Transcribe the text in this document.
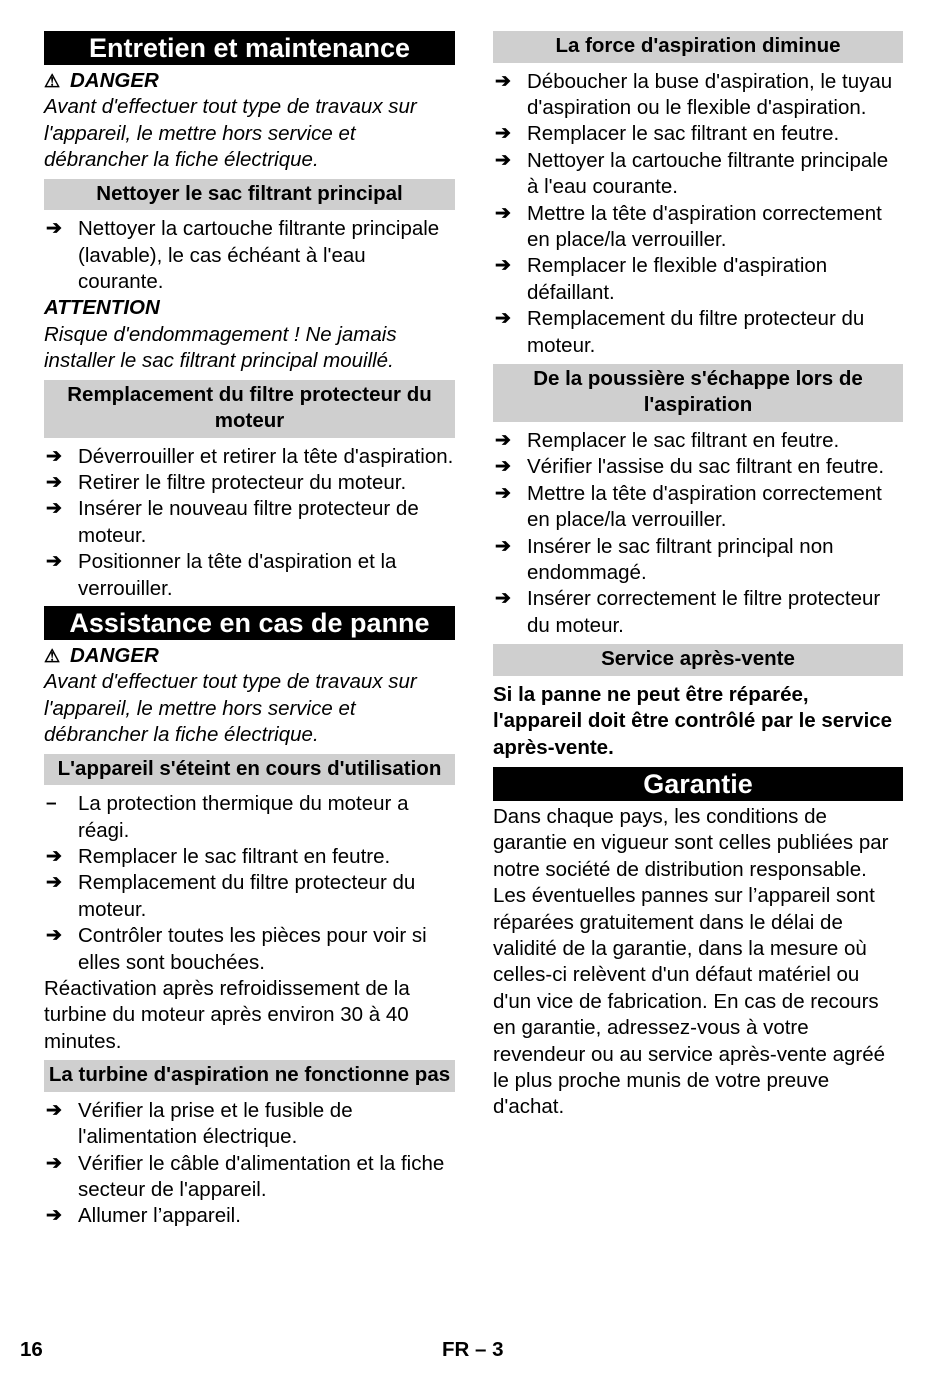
Entretien et maintenance
⚠ DANGER

Avant d'effectuer tout type de travaux sur l'appareil, le mettre hors service et débrancher la fiche électrique.

Nettoyer le sac filtrant principal
➔ Nettoyer la cartouche filtrante principale (lavable), le cas échéant à l'eau courante.
ATTENTION

Risque d'endommagement ! Ne jamais installer le sac filtrant principal mouillé.

Remplacement du filtre protecteur du moteur
➔ Déverrouiller et retirer la tête d'aspiration.
➔ Retirer le filtre protecteur du moteur.
➔ Insérer le nouveau filtre protecteur de moteur.
➔ Positionner la tête d'aspiration et la verrouiller.
Assistance en cas de panne
⚠ DANGER

Avant d'effectuer tout type de travaux sur l'appareil, le mettre hors service et débrancher la fiche électrique.

L'appareil s'éteint en cours d'utilisation
– La protection thermique du moteur a réagi.
➔ Remplacer le sac filtrant en feutre.
➔ Remplacement du filtre protecteur du moteur.
➔ Contrôler toutes les pièces pour voir si elles sont bouchées.

Réactivation après refroidissement de la turbine du moteur après environ 30 à 40 minutes.

La turbine d'aspiration ne fonctionne pas
➔ Vérifier la prise et le fusible de l'alimentation électrique.
➔ Vérifier le câble d'alimentation et la fiche secteur de l'appareil.
➔ Allumer l’appareil.
La force d'aspiration diminue
➔ Déboucher la buse d'aspiration, le tuyau d'aspiration ou le flexible d'aspiration.
➔ Remplacer le sac filtrant en feutre.
➔ Nettoyer la cartouche filtrante principale à l'eau courante.
➔ Mettre la tête d'aspiration correctement en place/la verrouiller.
➔ Remplacer le flexible d'aspiration défaillant.
➔ Remplacement du filtre protecteur du moteur.
De la poussière s'échappe lors de l'aspiration
➔ Remplacer le sac filtrant en feutre.
➔ Vérifier l'assise du sac filtrant en feutre.
➔ Mettre la tête d'aspiration correctement en place/la verrouiller.
➔ Insérer le sac filtrant principal non endommagé.
➔ Insérer correctement le filtre protecteur du moteur.
Service après-vente

Si la panne ne peut être réparée, l'appareil doit être contrôlé par le service après-vente.

Garantie

Dans chaque pays, les conditions de garantie en vigueur sont celles publiées par notre société de distribution responsable. Les éventuelles pannes sur l’appareil sont réparées gratuitement dans le délai de validité de la garantie, dans la mesure où celles-ci relèvent d'un défaut matériel ou d'un vice de fabrication. En cas de recours en garantie, adressez-vous à votre revendeur ou au service après-vente agréé le plus proche munis de votre preuve d'achat.

16	FR – 3
